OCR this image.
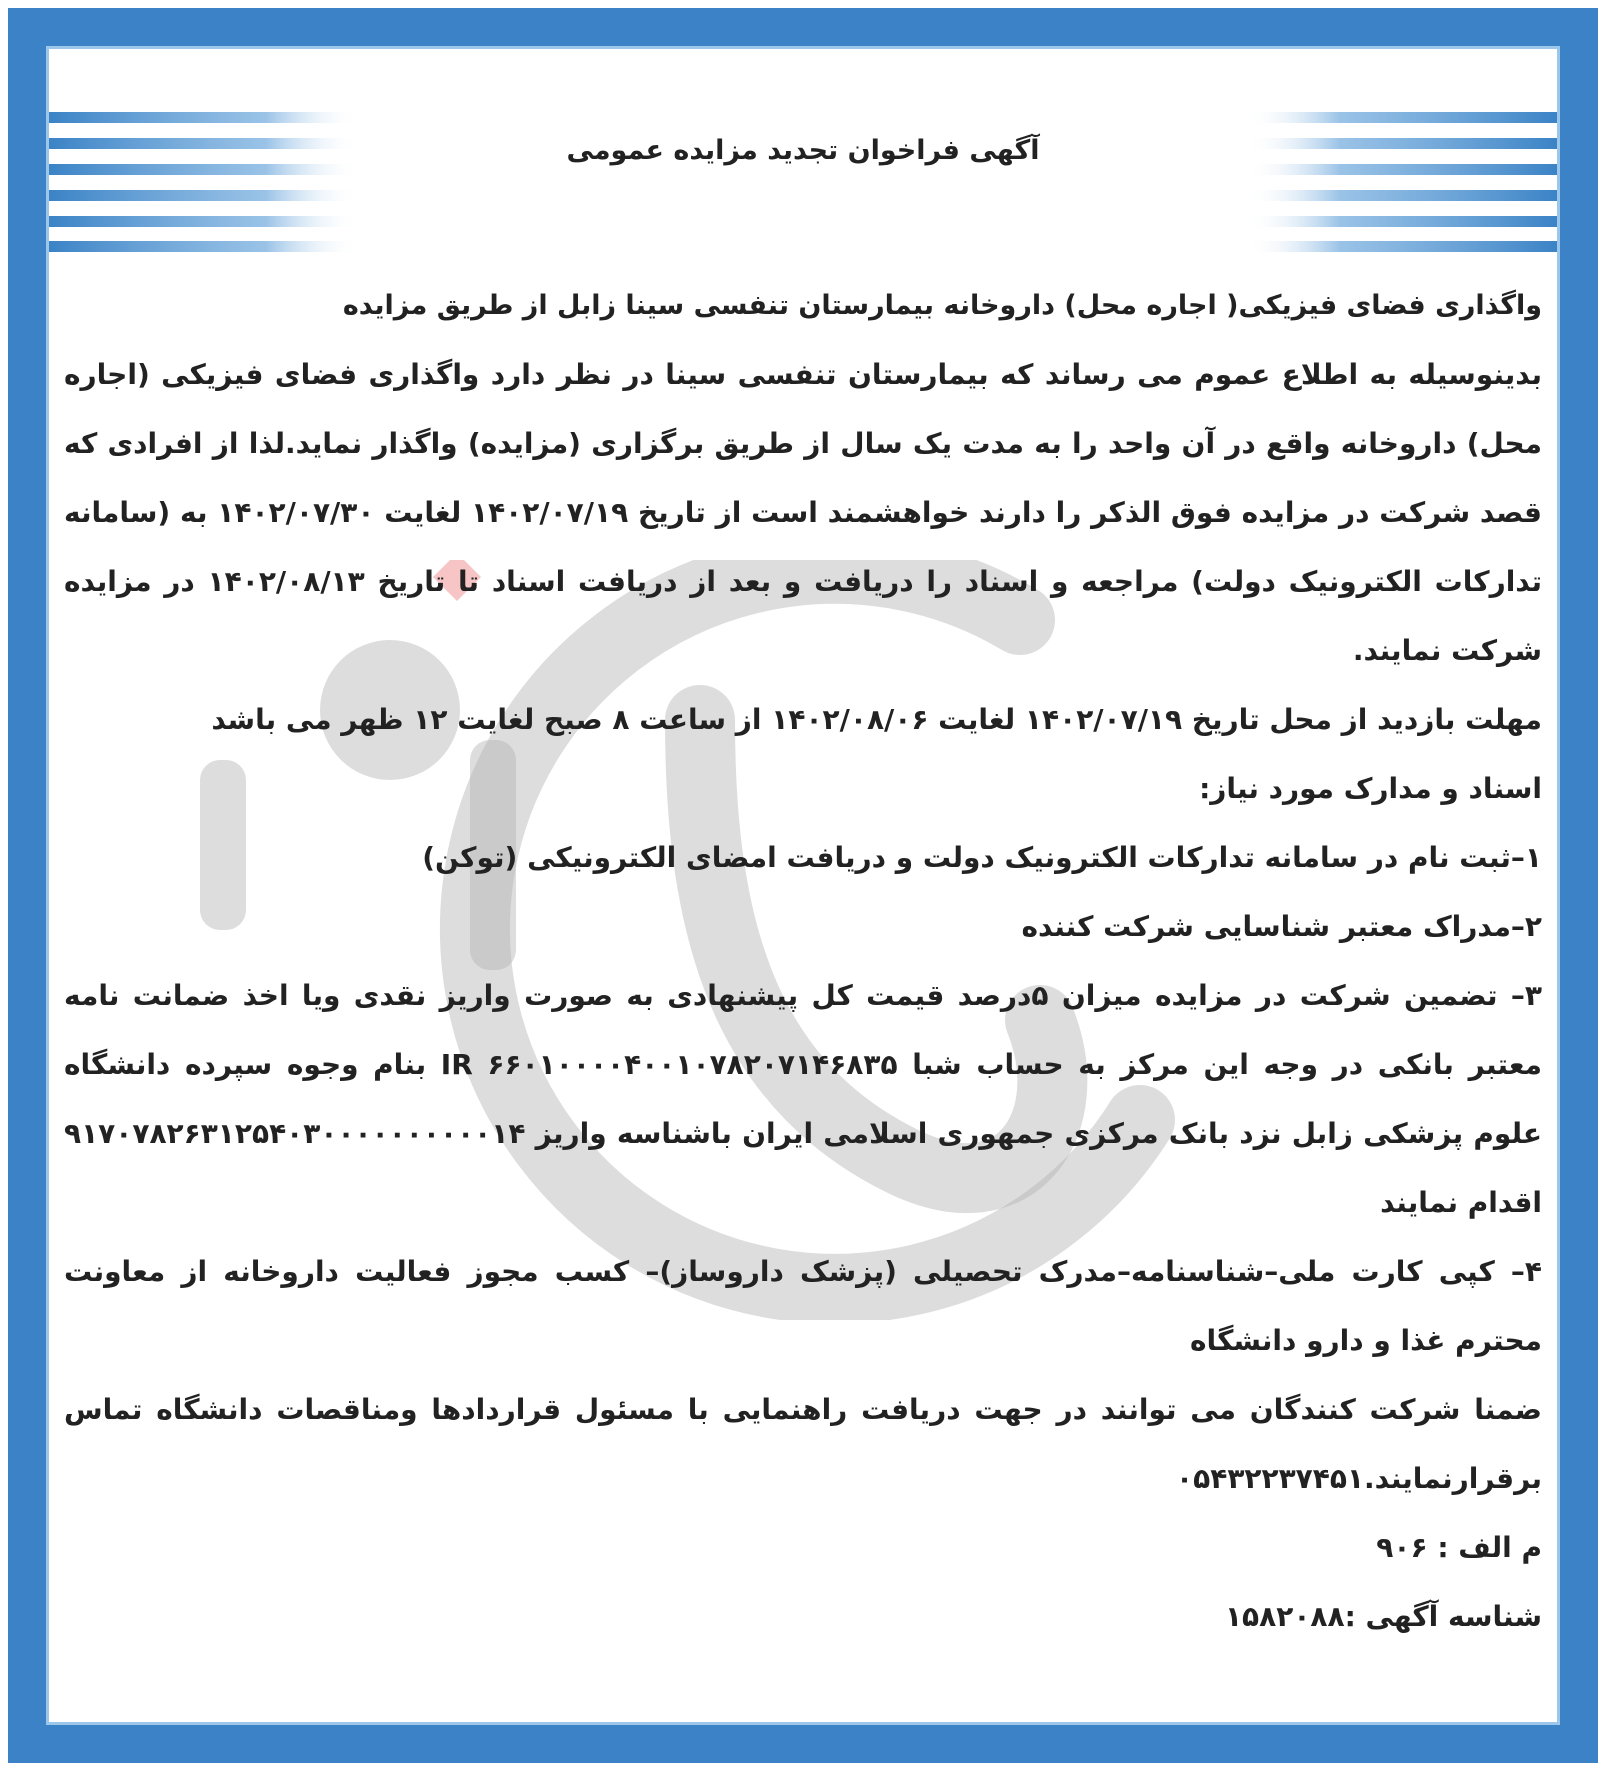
آگهی فراخوان تجدید مزایده عمومی
واگذاری فضای فیزیکی( اجاره محل) داروخانه بیمارستان تنفسی سینا زابل از طریق مزایده

بدینوسیله به اطلاع عموم می رساند که بیمارستان تنفسی سینا در نظر دارد واگذاری فضای فیزیکی (اجاره محل) داروخانه واقع در آن واحد را به مدت یک سال از طریق برگزاری (مزایده) واگذار نماید.لذا از افرادی که قصد شرکت در مزایده فوق الذکر را دارند خواهشمند است از تاریخ ۱۴۰۲/۰۷/۱۹ لغایت ۱۴۰۲/۰۷/۳۰ به (سامانه تدارکات الکترونیک دولت) مراجعه و اسناد را دریافت و بعد از دریافت اسناد تا تاریخ ۱۴۰۲/۰۸/۱۳ در مزایده شرکت نمایند.

مهلت بازدید از محل تاریخ ۱۴۰۲/۰۷/۱۹ لغایت ۱۴۰۲/۰۸/۰۶ از ساعت ۸ صبح لغایت ۱۲ ظهر می باشد

اسناد و مدارک مورد نیاز:

۱–ثبت نام در سامانه تدارکات الکترونیک دولت و دریافت امضای الکترونیکی (توکن)

۲–مدراک معتبر شناسایی شرکت کننده

۳– تضمین شرکت در مزایده میزان ۵درصد قیمت کل پیشنهادی به صورت واریز نقدی ویا اخذ ضمانت نامه معتبر بانکی در وجه این مرکز به حساب شبا IR ۶۶۰۱۰۰۰۰۴۰۰۱۰۷۸۲۰۷۱۴۶۸۳۵ بنام وجوه سپرده دانشگاه علوم پزشکی زابل نزد بانک مرکزی جمهوری اسلامی ایران باشناسه واریز ۹۱۷۰۷۸۲۶۳۱۲۵۴۰۳۰۰۰۰۰۰۰۰۰۰۱۴ اقدام نمایند

۴– کپی کارت ملی–شناسنامه–مدرک تحصیلی (پزشک داروساز)– کسب مجوز فعالیت داروخانه از معاونت محترم غذا و دارو دانشگاه

ضمنا شرکت کنندگان می توانند در جهت دریافت راهنمایی با مسئول قراردادها ومناقصات دانشگاه تماس برقرارنمایند.۰۵۴۳۲۲۳۷۴۵۱

م الف : ۹۰۶

شناسه آگهی :۱۵۸۲۰۸۸
